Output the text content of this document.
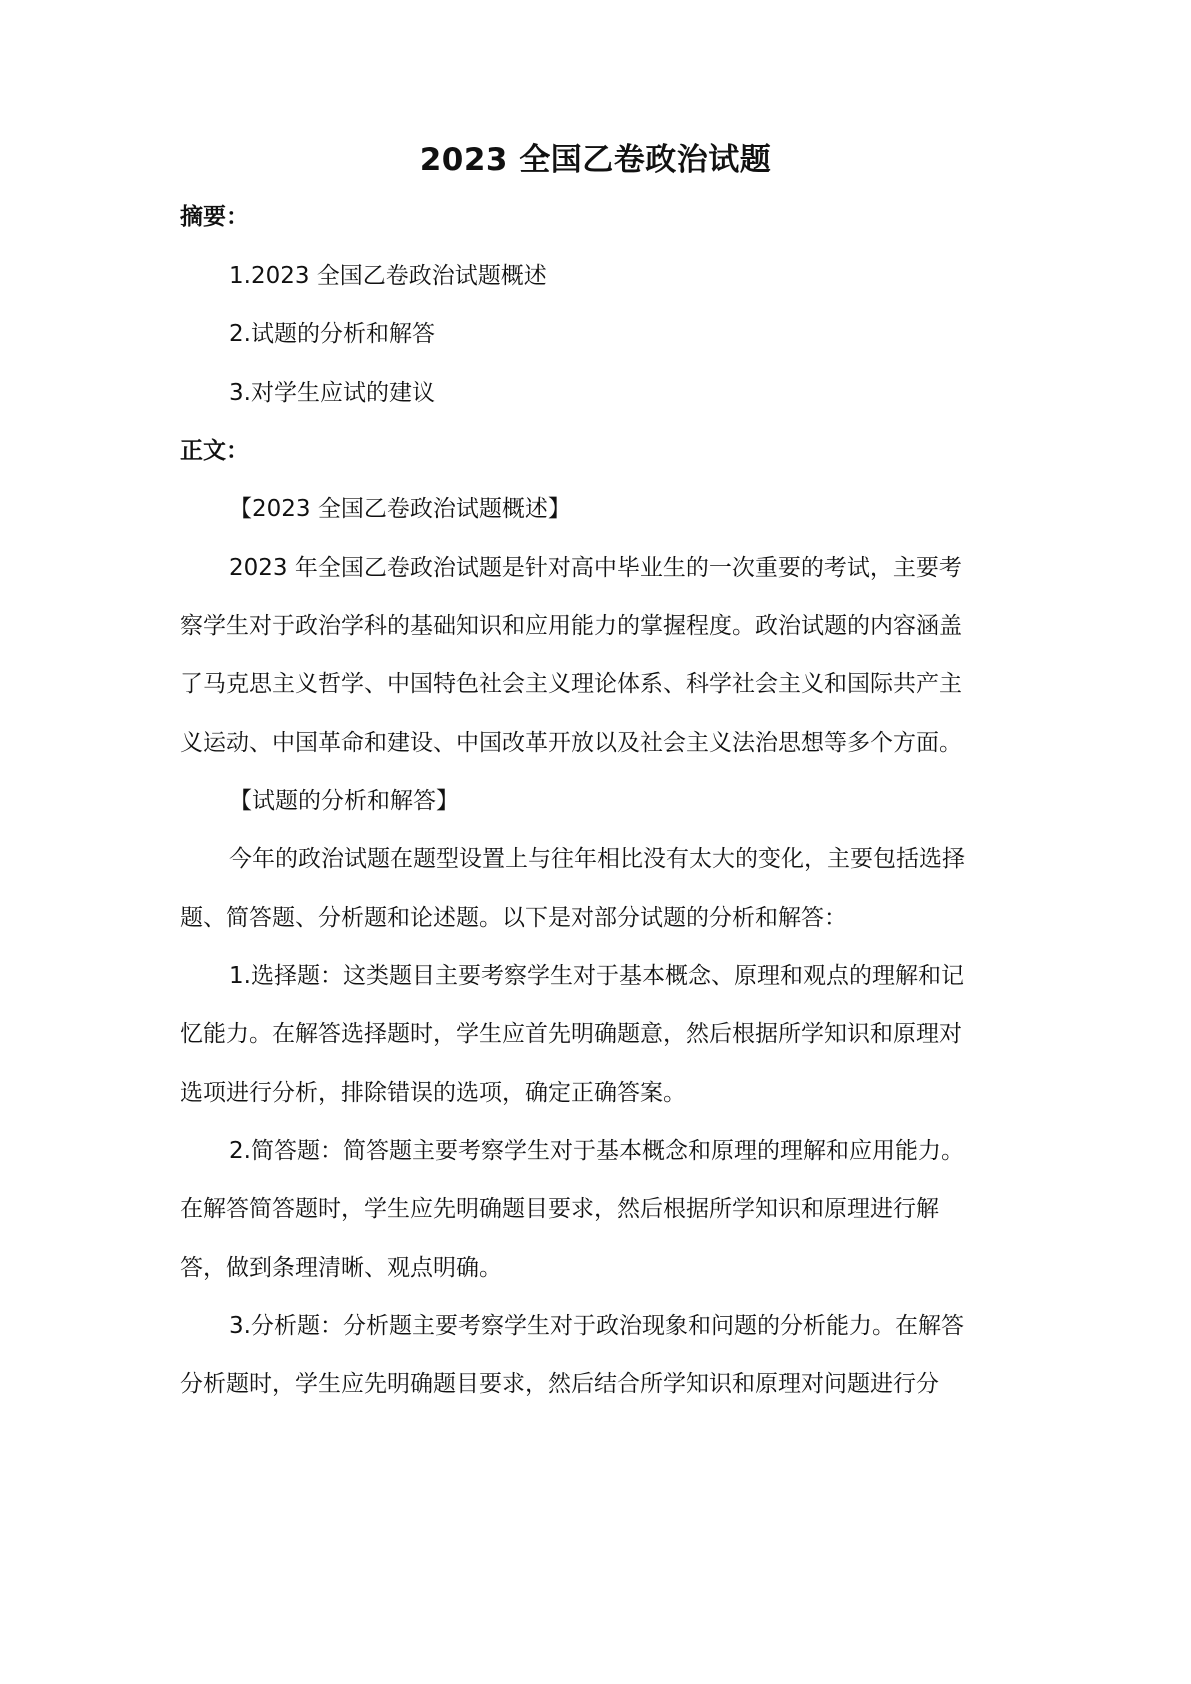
2023 全国乙卷政治试题
摘要：
1.2023 全国乙卷政治试题概述
2.试题的分析和解答
3.对学生应试的建议
正文：
【2023 全国乙卷政治试题概述】
2023 年全国乙卷政治试题是针对高中毕业生的一次重要的考试，主要考
察学生对于政治学科的基础知识和应用能力的掌握程度。政治试题的内容涵盖
了马克思主义哲学、中国特色社会主义理论体系、科学社会主义和国际共产主
义运动、中国革命和建设、中国改革开放以及社会主义法治思想等多个方面。
【试题的分析和解答】
今年的政治试题在题型设置上与往年相比没有太大的变化，主要包括选择
题、简答题、分析题和论述题。以下是对部分试题的分析和解答：
1.选择题：这类题目主要考察学生对于基本概念、原理和观点的理解和记
忆能力。在解答选择题时，学生应首先明确题意，然后根据所学知识和原理对
选项进行分析，排除错误的选项，确定正确答案。
2.简答题：简答题主要考察学生对于基本概念和原理的理解和应用能力。
在解答简答题时，学生应先明确题目要求，然后根据所学知识和原理进行解
答，做到条理清晰、观点明确。
3.分析题：分析题主要考察学生对于政治现象和问题的分析能力。在解答
分析题时，学生应先明确题目要求，然后结合所学知识和原理对问题进行分
